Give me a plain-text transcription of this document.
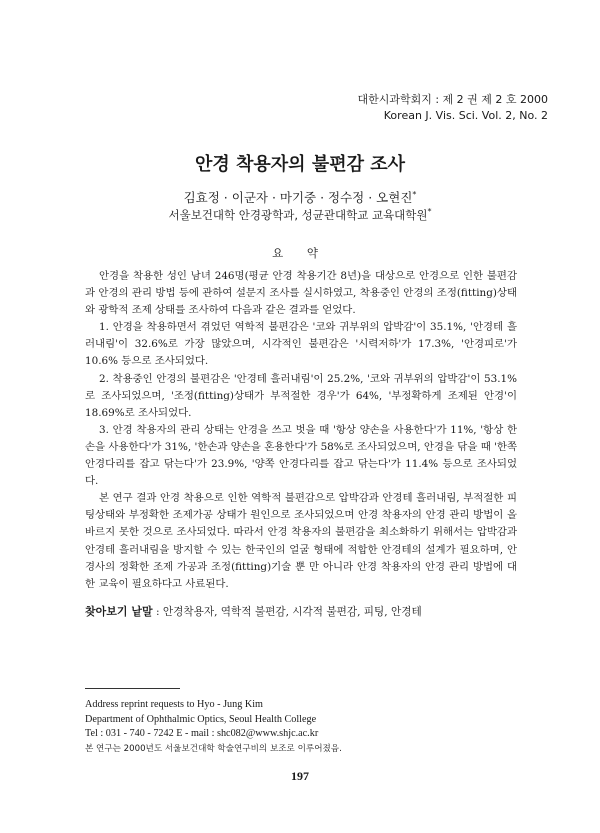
대한시과학회지 : 제 2 권 제 2 호 2000
Korean J. Vis. Sci. Vol. 2, No. 2
안경 착용자의 불편감 조사
김효정 · 이군자 · 마기중 · 정수정 · 오현진*
서울보건대학 안경광학과, 성균관대학교 교육대학원*
요 약

안경을 착용한 성인 남녀 246명(평균 안경 착용기간 8년)을 대상으로 안경으로 인한 불편감과 안경의 관리 방법 등에 관하여 설문지 조사를 실시하였고, 착용중인 안경의 조정(fitting)상태와 광학적 조제 상태를 조사하여 다음과 같은 결과를 얻었다.

1. 안경을 착용하면서 겪었던 역학적 불편감은 '코와 귀부위의 압박감'이 35.1%, '안경테 흘러내림'이 32.6%로 가장 많았으며, 시각적인 불편감은 '시력저하'가 17.3%, '안경피로'가 10.6% 등으로 조사되었다.

2. 착용중인 안경의 불편감은 '안경테 흘러내림'이 25.2%, '코와 귀부위의 압박감'이 53.1%로 조사되었으며, '조정(fitting)상태가 부적절한 경우'가 64%, '부정확하게 조제된 안경'이 18.69%로 조사되었다.

3. 안경 착용자의 관리 상태는 안경을 쓰고 벗을 때 '항상 양손을 사용한다'가 11%, '항상 한 손을 사용한다'가 31%, '한손과 양손을 혼용한다'가 58%로 조사되었으며, 안경을 닦을 때 '한쪽 안경다리를 잡고 닦는다'가 23.9%, '양쪽 안경다리를 잡고 닦는다'가 11.4% 등으로 조사되었다.

본 연구 결과 안경 착용으로 인한 역학적 불편감으로 압박감과 안경테 흘러내림, 부적절한 피팅상태와 부정확한 조제가공 상태가 원인으로 조사되었으며 안경 착용자의 안경 관리 방법이 올바르지 못한 것으로 조사되었다. 따라서 안경 착용자의 불편감을 최소화하기 위해서는 압박감과 안경테 흘러내림을 방지할 수 있는 한국인의 얼굴 형태에 적합한 안경테의 설계가 필요하며, 안경사의 정확한 조제 가공과 조정(fitting)기술 뿐 만 아니라 안경 착용자의 안경 관리 방법에 대한 교육이 필요하다고 사료된다.

찾아보기 낱말 : 안경착용자, 역학적 불편감, 시각적 불편감, 피팅, 안경테
Address reprint requests to Hyo - Jung Kim
Department of Ophthalmic Optics, Seoul Health College
Tel : 031 - 740 - 7242 E - mail : shc082@www.shjc.ac.kr
본 연구는 2000년도 서울보건대학 학술연구비의 보조로 이루어졌음.
197
